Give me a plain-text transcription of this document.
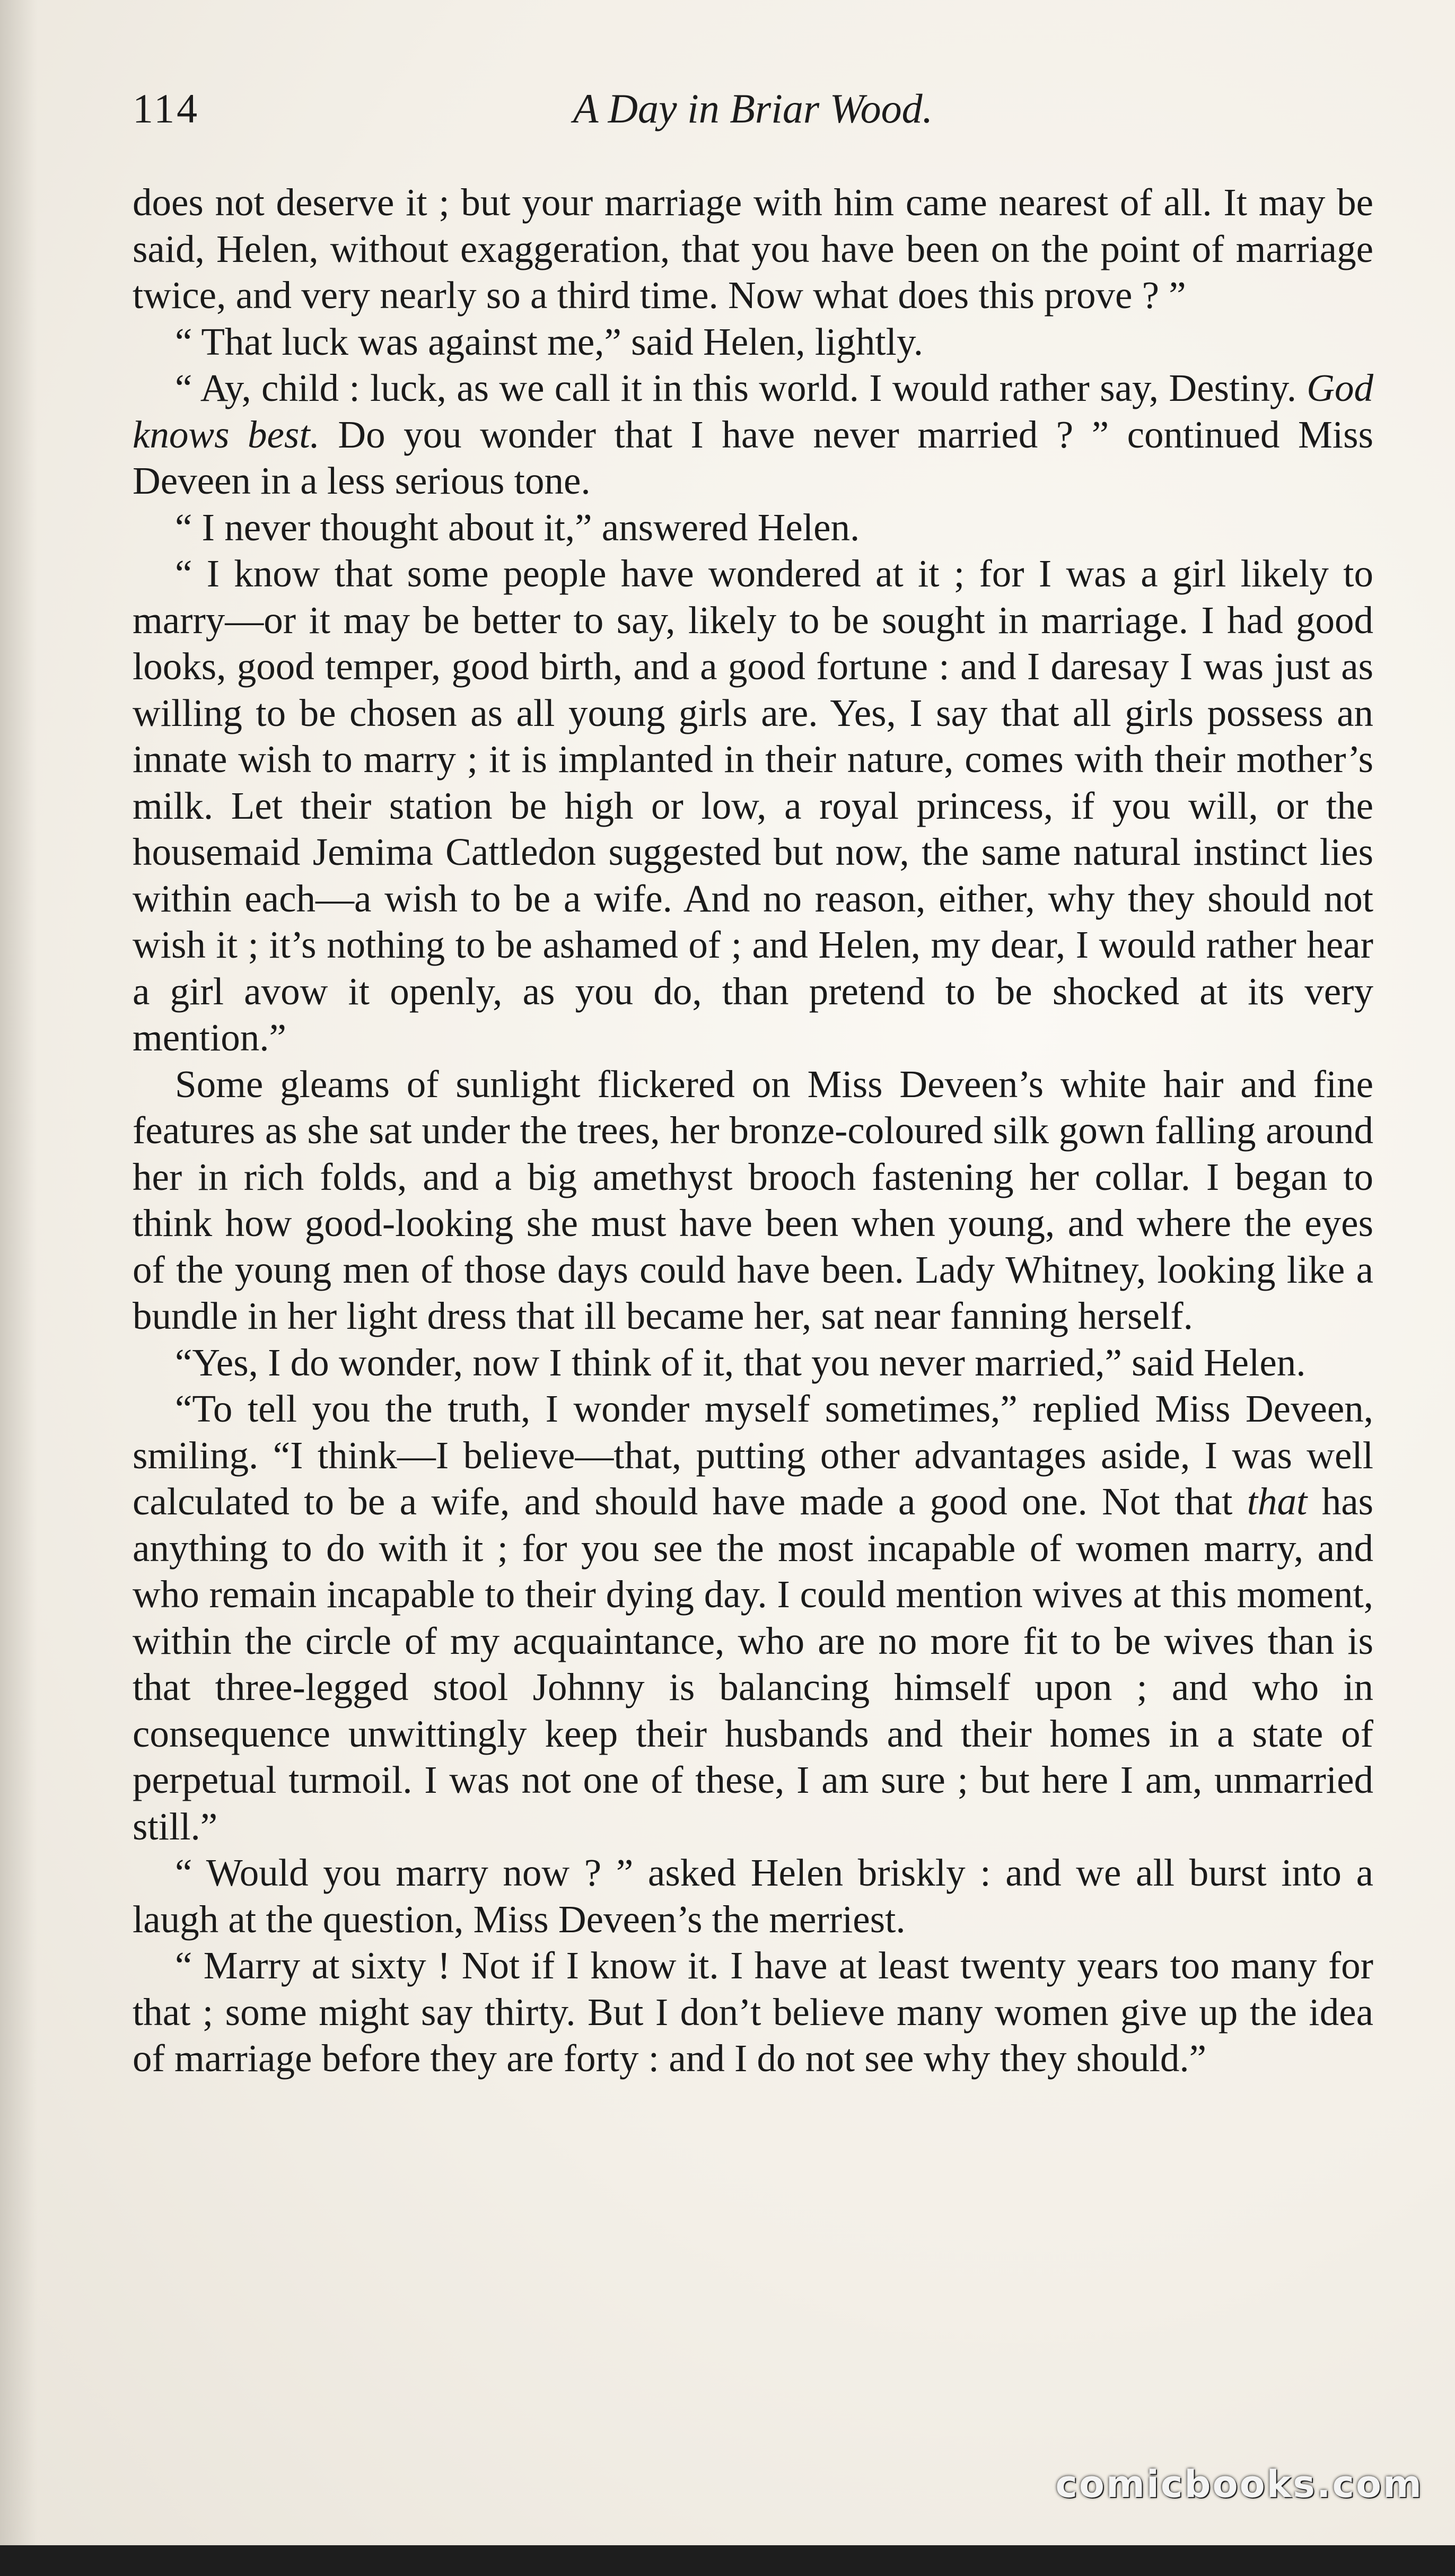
114	A Day in Briar Wood.

does not deserve it ; but your marriage with him came nearest of all. It may be said, Helen, without exaggeration, that you have been on the point of marriage twice, and very nearly so a third time. Now what does this prove ? ”

“ That luck was against me,” said Helen, lightly.

“ Ay, child : luck, as we call it in this world. I would rather say, Destiny. God knows best. Do you wonder that I have never married ? ” continued Miss Deveen in a less serious tone.

“ I never thought about it,” answered Helen.

“ I know that some people have wondered at it ; for I was a girl likely to marry—or it may be better to say, likely to be sought in marriage. I had good looks, good temper, good birth, and a good fortune : and I daresay I was just as willing to be chosen as all young girls are. Yes, I say that all girls possess an innate wish to marry ; it is implanted in their nature, comes with their mother’s milk. Let their station be high or low, a royal princess, if you will, or the housemaid Jemima Cattledon suggested but now, the same natural instinct lies within each—a wish to be a wife. And no reason, either, why they should not wish it ; it’s nothing to be ashamed of ; and Helen, my dear, I would rather hear a girl avow it openly, as you do, than pretend to be shocked at its very mention.”

Some gleams of sunlight flickered on Miss Deveen’s white hair and fine features as she sat under the trees, her bronze-coloured silk gown falling around her in rich folds, and a big amethyst brooch fastening her collar. I began to think how good-looking she must have been when young, and where the eyes of the young men of those days could have been. Lady Whitney, looking like a bundle in her light dress that ill became her, sat near fanning herself.

“Yes, I do wonder, now I think of it, that you never married,” said Helen.

“To tell you the truth, I wonder myself sometimes,” replied Miss Deveen, smiling. “I think—I believe—that, putting other advantages aside, I was well calculated to be a wife, and should have made a good one. Not that that has anything to do with it ; for you see the most incapable of women marry, and who remain incapable to their dying day. I could mention wives at this moment, within the circle of my acquaintance, who are no more fit to be wives than is that three-legged stool Johnny is balancing himself upon ; and who in consequence unwittingly keep their husbands and their homes in a state of perpetual turmoil. I was not one of these, I am sure ; but here I am, unmarried still.”

“ Would you marry now ? ” asked Helen briskly : and we all burst into a laugh at the question, Miss Deveen’s the merriest.

“ Marry at sixty ! Not if I know it. I have at least twenty years too many for that ; some might say thirty. But I don’t believe many women give up the idea of marriage before they are forty : and I do not see why they should.”

comicbooks.com
